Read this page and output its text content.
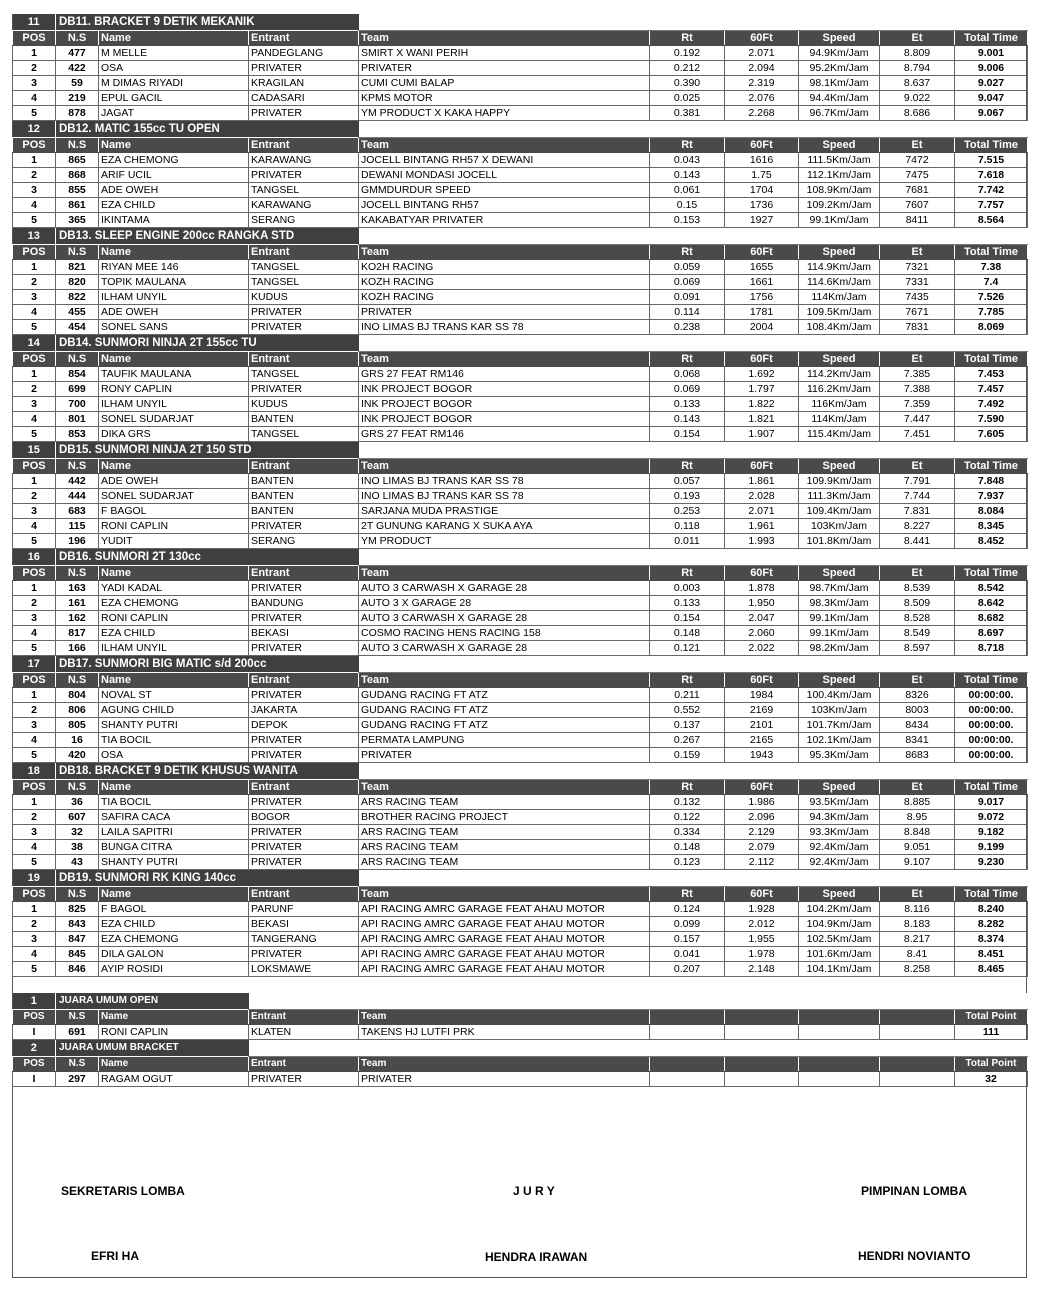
11	DB11. BRACKET 9 DETIK MEKANIK								
POS	N.S	Name	Entrant	Team	Rt	60Ft	Speed	Et	Total Time
1	477	M MELLE	PANDEGLANG	SMIRT X WANI PERIH	0.192	2.071	94.9Km/Jam	8.809	9.001
2	422	OSA	PRIVATER	PRIVATER	0.212	2.094	95.2Km/Jam	8.794	9.006
3	59	M DIMAS RIYADI	KRAGILAN	CUMI CUMI BALAP	0.390	2.319	98.1Km/Jam	8.637	9.027
4	219	EPUL GACIL	CADASARI	KPMS MOTOR	0.025	2.076	94.4Km/Jam	9.022	9.047
5	878	JAGAT	PRIVATER	YM PRODUCT X KAKA HAPPY	0.381	2.268	96.7Km/Jam	8.686	9.067
12	DB12. MATIC 155cc TU OPEN								
POS	N.S	Name	Entrant	Team	Rt	60Ft	Speed	Et	Total Time
1	865	EZA CHEMONG	KARAWANG	JOCELL BINTANG RH57 X DEWANI	0.043	1616	111.5Km/Jam	7472	7.515
2	868	ARIF UCIL	PRIVATER	DEWANI MONDASI JOCELL	0.143	1.75	112.1Km/Jam	7475	7.618
3	855	ADE OWEH	TANGSEL	GMMDURDUR SPEED	0.061	1704	108.9Km/Jam	7681	7.742
4	861	EZA CHILD	KARAWANG	JOCELL BINTANG RH57	0.15	1736	109.2Km/Jam	7607	7.757
5	365	IKINTAMA	SERANG	KAKABATYAR PRIVATER	0.153	1927	99.1Km/Jam	8411	8.564
13	DB13. SLEEP ENGINE 200cc RANGKA STD								
POS	N.S	Name	Entrant	Team	Rt	60Ft	Speed	Et	Total Time
1	821	RIYAN MEE 146	TANGSEL	KO2H RACING	0.059	1655	114.9Km/Jam	7321	7.38
2	820	TOPIK MAULANA	TANGSEL	KOZH RACING	0.069	1661	114.6Km/Jam	7331	7.4
3	822	ILHAM UNYIL	KUDUS	KOZH RACING	0.091	1756	114Km/Jam	7435	7.526
4	455	ADE OWEH	PRIVATER	PRIVATER	0.114	1781	109.5Km/Jam	7671	7.785
5	454	SONEL SANS	PRIVATER	INO LIMAS BJ TRANS KAR SS 78	0.238	2004	108.4Km/Jam	7831	8.069
14	DB14. SUNMORI NINJA 2T 155cc TU								
POS	N.S	Name	Entrant	Team	Rt	60Ft	Speed	Et	Total Time
1	854	TAUFIK MAULANA	TANGSEL	GRS 27 FEAT RM146	0.068	1.692	114.2Km/Jam	7.385	7.453
2	699	RONY CAPLIN	PRIVATER	INK PROJECT BOGOR	0.069	1.797	116.2Km/Jam	7.388	7.457
3	700	ILHAM UNYIL	KUDUS	INK PROJECT BOGOR	0.133	1.822	116Km/Jam	7.359	7.492
4	801	SONEL SUDARJAT	BANTEN	INK PROJECT BOGOR	0.143	1.821	114Km/Jam	7.447	7.590
5	853	DIKA GRS	TANGSEL	GRS 27 FEAT RM146	0.154	1.907	115.4Km/Jam	7.451	7.605
15	DB15. SUNMORI NINJA 2T 150 STD								
POS	N.S	Name	Entrant	Team	Rt	60Ft	Speed	Et	Total Time
1	442	ADE OWEH	BANTEN	INO LIMAS BJ TRANS KAR SS 78	0.057	1.861	109.9Km/Jam	7.791	7.848
2	444	SONEL SUDARJAT	BANTEN	INO LIMAS BJ TRANS KAR SS 78	0.193	2.028	111.3Km/Jam	7.744	7.937
3	683	F BAGOL	BANTEN	SARJANA MUDA PRASTIGE	0.253	2.071	109.4Km/Jam	7.831	8.084
4	115	RONI CAPLIN	PRIVATER	2T GUNUNG KARANG X SUKA AYA	0.118	1.961	103Km/Jam	8.227	8.345
5	196	YUDIT	SERANG	YM PRODUCT	0.011	1.993	101.8Km/Jam	8.441	8.452
16	DB16. SUNMORI 2T 130cc								
POS	N.S	Name	Entrant	Team	Rt	60Ft	Speed	Et	Total Time
1	163	YADI KADAL	PRIVATER	AUTO 3 CARWASH X GARAGE 28	0.003	1.878	98.7Km/Jam	8.539	8.542
2	161	EZA CHEMONG	BANDUNG	AUTO 3 X GARAGE 28	0.133	1.950	98.3Km/Jam	8.509	8.642
3	162	RONI CAPLIN	PRIVATER	AUTO 3 CARWASH X GARAGE 28	0.154	2.047	99.1Km/Jam	8.528	8.682
4	817	EZA CHILD	BEKASI	COSMO RACING HENS RACING 158	0.148	2.060	99.1Km/Jam	8.549	8.697
5	166	ILHAM UNYIL	PRIVATER	AUTO 3 CARWASH X GARAGE 28	0.121	2.022	98.2Km/Jam	8.597	8.718
17	DB17. SUNMORI BIG MATIC s/d 200cc								
POS	N.S	Name	Entrant	Team	Rt	60Ft	Speed	Et	Total Time
1	804	NOVAL ST	PRIVATER	GUDANG RACING FT ATZ	0.211	1984	100.4Km/Jam	8326	00:00:00.
2	806	AGUNG CHILD	JAKARTA	GUDANG RACING FT ATZ	0.552	2169	103Km/Jam	8003	00:00:00.
3	805	SHANTY PUTRI	DEPOK	GUDANG RACING FT ATZ	0.137	2101	101.7Km/Jam	8434	00:00:00.
4	16	TIA BOCIL	PRIVATER	PERMATA LAMPUNG	0.267	2165	102.1Km/Jam	8341	00:00:00.
5	420	OSA	PRIVATER	PRIVATER	0.159	1943	95.3Km/Jam	8683	00:00:00.
18	DB18. BRACKET 9 DETIK KHUSUS WANITA								
POS	N.S	Name	Entrant	Team	Rt	60Ft	Speed	Et	Total Time
1	36	TIA BOCIL	PRIVATER	ARS RACING TEAM	0.132	1.986	93.5Km/Jam	8.885	9.017
2	607	SAFIRA CACA	BOGOR	BROTHER RACING PROJECT	0.122	2.096	94.3Km/Jam	8.95	9.072
3	32	LAILA SAPITRI	PRIVATER	ARS RACING TEAM	0.334	2.129	93.3Km/Jam	8.848	9.182
4	38	BUNGA CITRA	PRIVATER	ARS RACING TEAM	0.148	2.079	92.4Km/Jam	9.051	9.199
5	43	SHANTY PUTRI	PRIVATER	ARS RACING TEAM	0.123	2.112	92.4Km/Jam	9.107	9.230
19	DB19. SUNMORI RK KING 140cc								
POS	N.S	Name	Entrant	Team	Rt	60Ft	Speed	Et	Total Time
1	825	F BAGOL	PARUNF	API RACING AMRC GARAGE FEAT AHAU MOTOR	0.124	1.928	104.2Km/Jam	8.116	8.240
2	843	EZA CHILD	BEKASI	API RACING AMRC GARAGE FEAT AHAU MOTOR	0.099	2.012	104.9Km/Jam	8.183	8.282
3	847	EZA CHEMONG	TANGERANG	API RACING AMRC GARAGE FEAT AHAU MOTOR	0.157	1.955	102.5Km/Jam	8.217	8.374
4	845	DILA GALON	PRIVATER	API RACING AMRC GARAGE FEAT AHAU MOTOR	0.041	1.978	101.6Km/Jam	8.41	8.451
5	846	AYIP ROSIDI	LOKSMAWE	API RACING AMRC GARAGE FEAT AHAU MOTOR	0.207	2.148	104.1Km/Jam	8.258	8.465

1	JUARA UMUM OPEN								
POS	N.S	Name	Entrant	Team					Total Point
I	691	RONI CAPLIN	KLATEN	TAKENS HJ LUTFI PRK					111
2	JUARA UMUM BRACKET								
POS	N.S	Name	Entrant	Team					Total Point
I	297	RAGAM OGUT	PRIVATER	PRIVATER					32
SEKRETARIS LOMBA	J U R Y	PIMPINAN LOMBA
EFRI HA	HENDRA IRAWAN	HENDRI NOVIANTO
